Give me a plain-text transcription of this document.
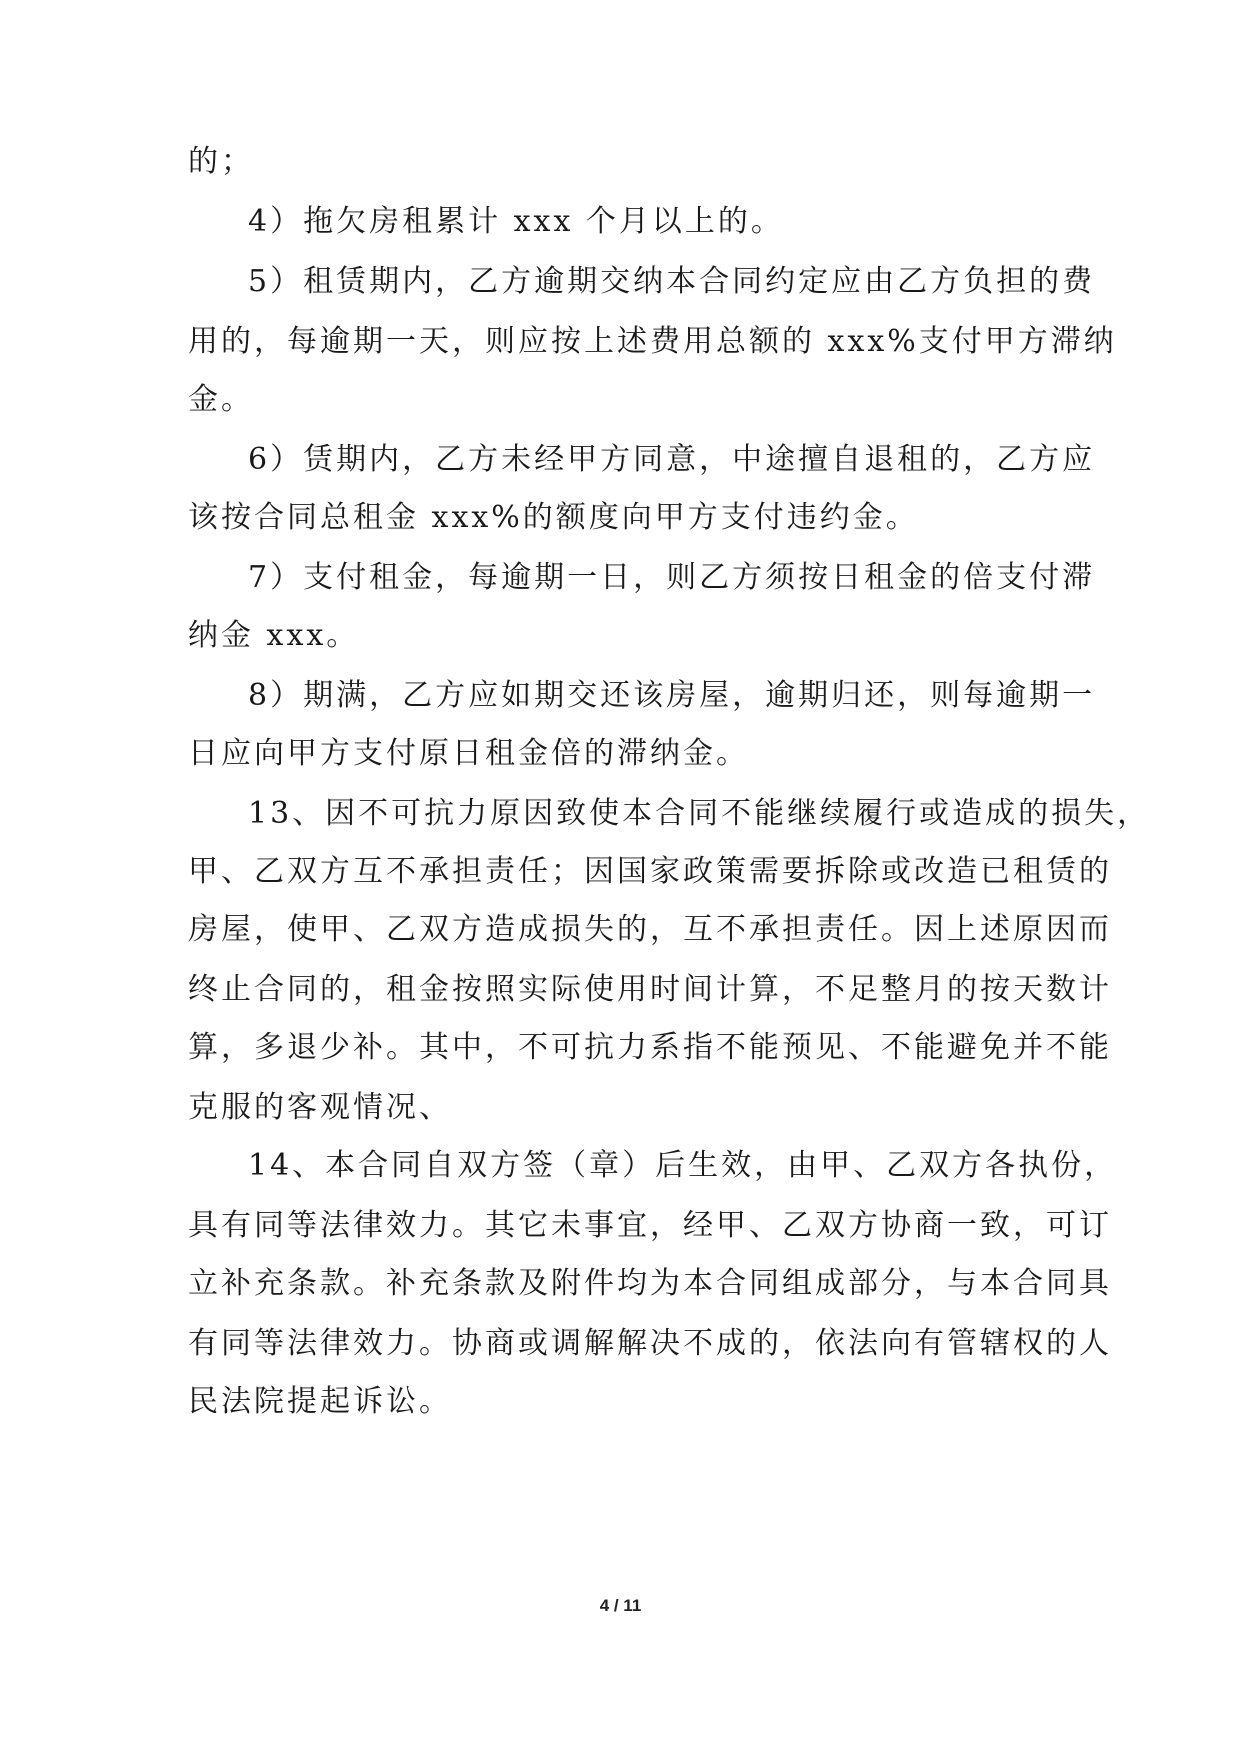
的；
4）拖欠房租累计 xxx 个月以上的。
5）租赁期内，乙方逾期交纳本合同约定应由乙方负担的费
用的，每逾期一天，则应按上述费用总额的 xxx%支付甲方滞纳
金。
6）赁期内，乙方未经甲方同意，中途擅自退租的，乙方应
该按合同总租金 xxx%的额度向甲方支付违约金。
7）支付租金，每逾期一日，则乙方须按日租金的倍支付滞
纳金 xxx。
8）期满，乙方应如期交还该房屋，逾期归还，则每逾期一
日应向甲方支付原日租金倍的滞纳金。
13、因不可抗力原因致使本合同不能继续履行或造成的损失，
甲、乙双方互不承担责任；因国家政策需要拆除或改造已租赁的
房屋，使甲、乙双方造成损失的，互不承担责任。因上述原因而
终止合同的，租金按照实际使用时间计算，不足整月的按天数计
算，多退少补。其中，不可抗力系指不能预见、不能避免并不能
克服的客观情况、
14、本合同自双方签（章）后生效，由甲、乙双方各执份，
具有同等法律效力。其它未事宜，经甲、乙双方协商一致，可订
立补充条款。补充条款及附件均为本合同组成部分，与本合同具
有同等法律效力。协商或调解解决不成的，依法向有管辖权的人
民法院提起诉讼。
4 / 11
